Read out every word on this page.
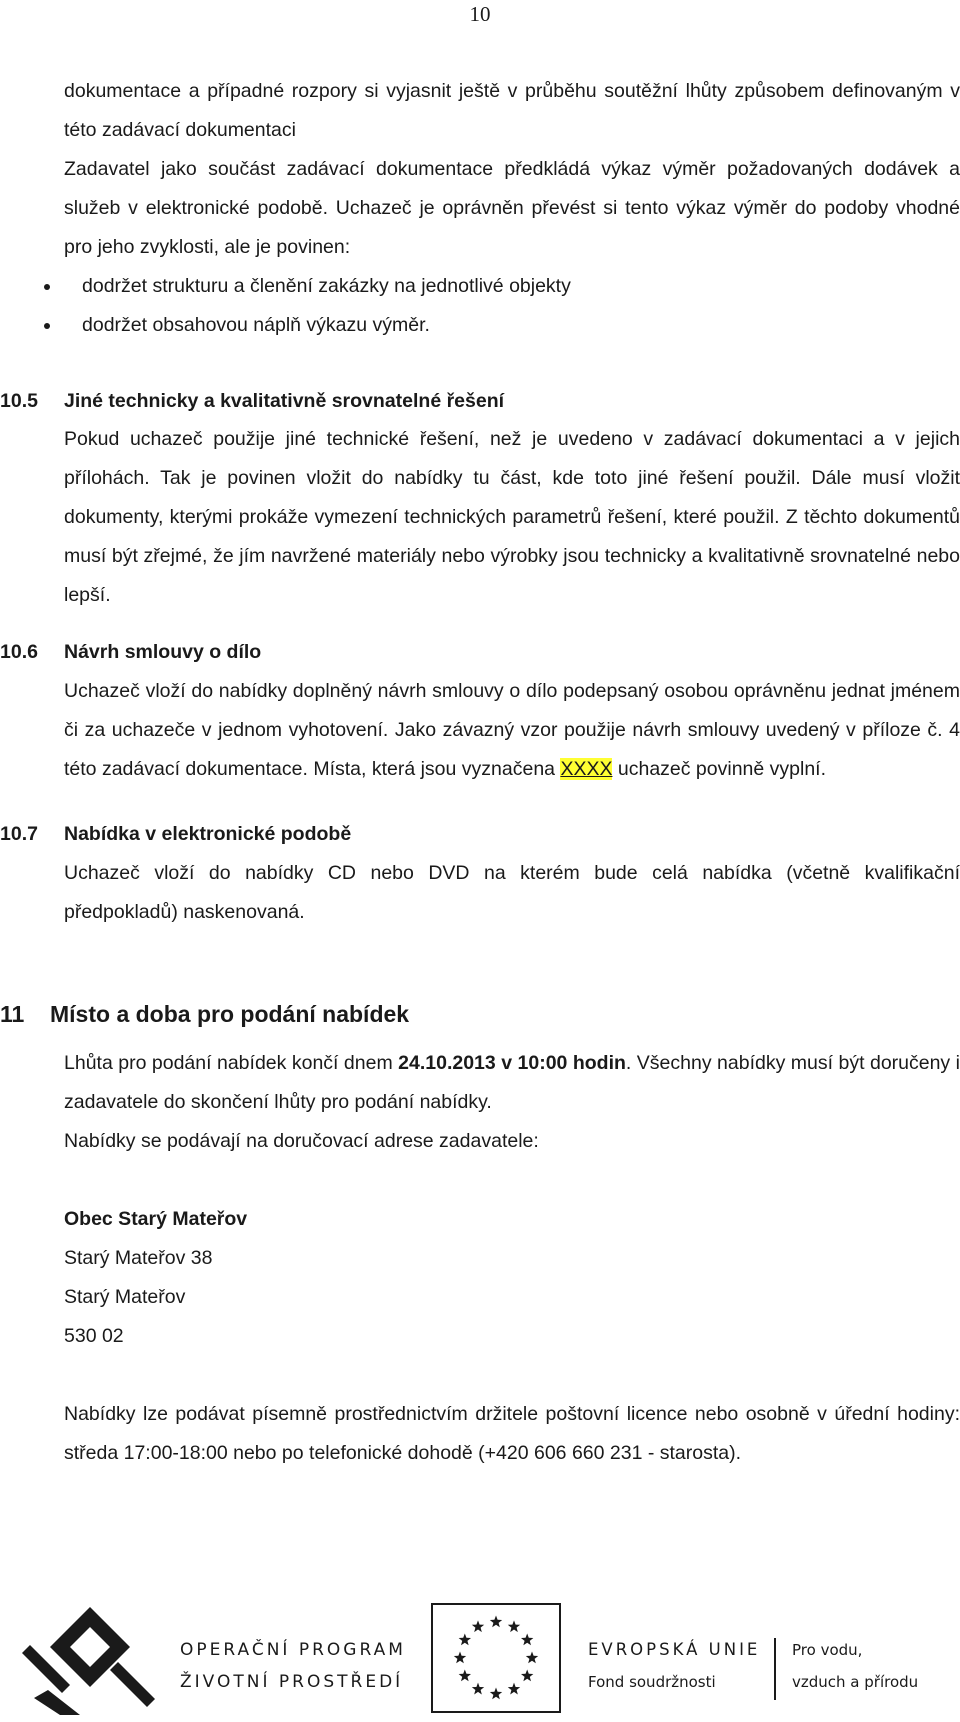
10

dokumentace a případné rozpory si vyjasnit ještě v průběhu soutěžní lhůty způsobem definovaným v této zadávací dokumentaci

Zadavatel jako součást zadávací dokumentace předkládá výkaz výměr požadovaných dodávek a služeb v elektronické podobě. Uchazeč je oprávněn převést si tento výkaz výměr do podoby vhodné pro jeho zvyklosti, ale je povinen:

dodržet strukturu a členění zakázky na jednotlivé objekty
dodržet obsahovou náplň výkazu výměr.
10.5	Jiné technicky a kvalitativně srovnatelné řešení

Pokud uchazeč použije jiné technické řešení, než je uvedeno v zadávací dokumentaci a v jejich přílohách. Tak je povinen vložit do nabídky tu část, kde toto jiné řešení použil. Dále musí vložit dokumenty, kterými prokáže vymezení technických parametrů řešení, které použil. Z těchto dokumentů musí být zřejmé, že jím navržené materiály nebo výrobky jsou technicky a kvalitativně srovnatelné nebo lepší.

10.6	Návrh smlouvy o dílo

Uchazeč vloží do nabídky doplněný návrh smlouvy o dílo podepsaný osobou oprávněnu jednat jménem či za uchazeče v jednom vyhotovení. Jako závazný vzor použije návrh smlouvy uvedený v příloze č. 4 této zadávací dokumentace. Místa, která jsou vyznačena XXXX uchazeč povinně vyplní.

10.7	Nabídka v elektronické podobě

Uchazeč vloží do nabídky CD nebo DVD na kterém bude celá nabídka (včetně kvalifikační předpokladů) naskenovaná.

11 Místo a doba pro podání nabídek

Lhůta pro podání nabídek končí dnem 24.10.2013 v 10:00 hodin. Všechny nabídky musí být doručeny i zadavatele do skončení lhůty pro podání nabídky.

Nabídky se podávají na doručovací adrese zadavatele:

Obec Starý Mateřov

Starý Mateřov 38

Starý Mateřov

530 02

Nabídky lze podávat písemně prostřednictvím držitele poštovní licence nebo osobně v úřední hodiny: středa 17:00-18:00 nebo po telefonické dohodě (+420 606 660 231 - starosta).

OPERAČNÍ PROGRAM
ŽIVOTNÍ PROSTŘEDÍ
EVROPSKÁ UNIE
Fond soudržnosti
Pro vodu,
vzduch a přírodu
